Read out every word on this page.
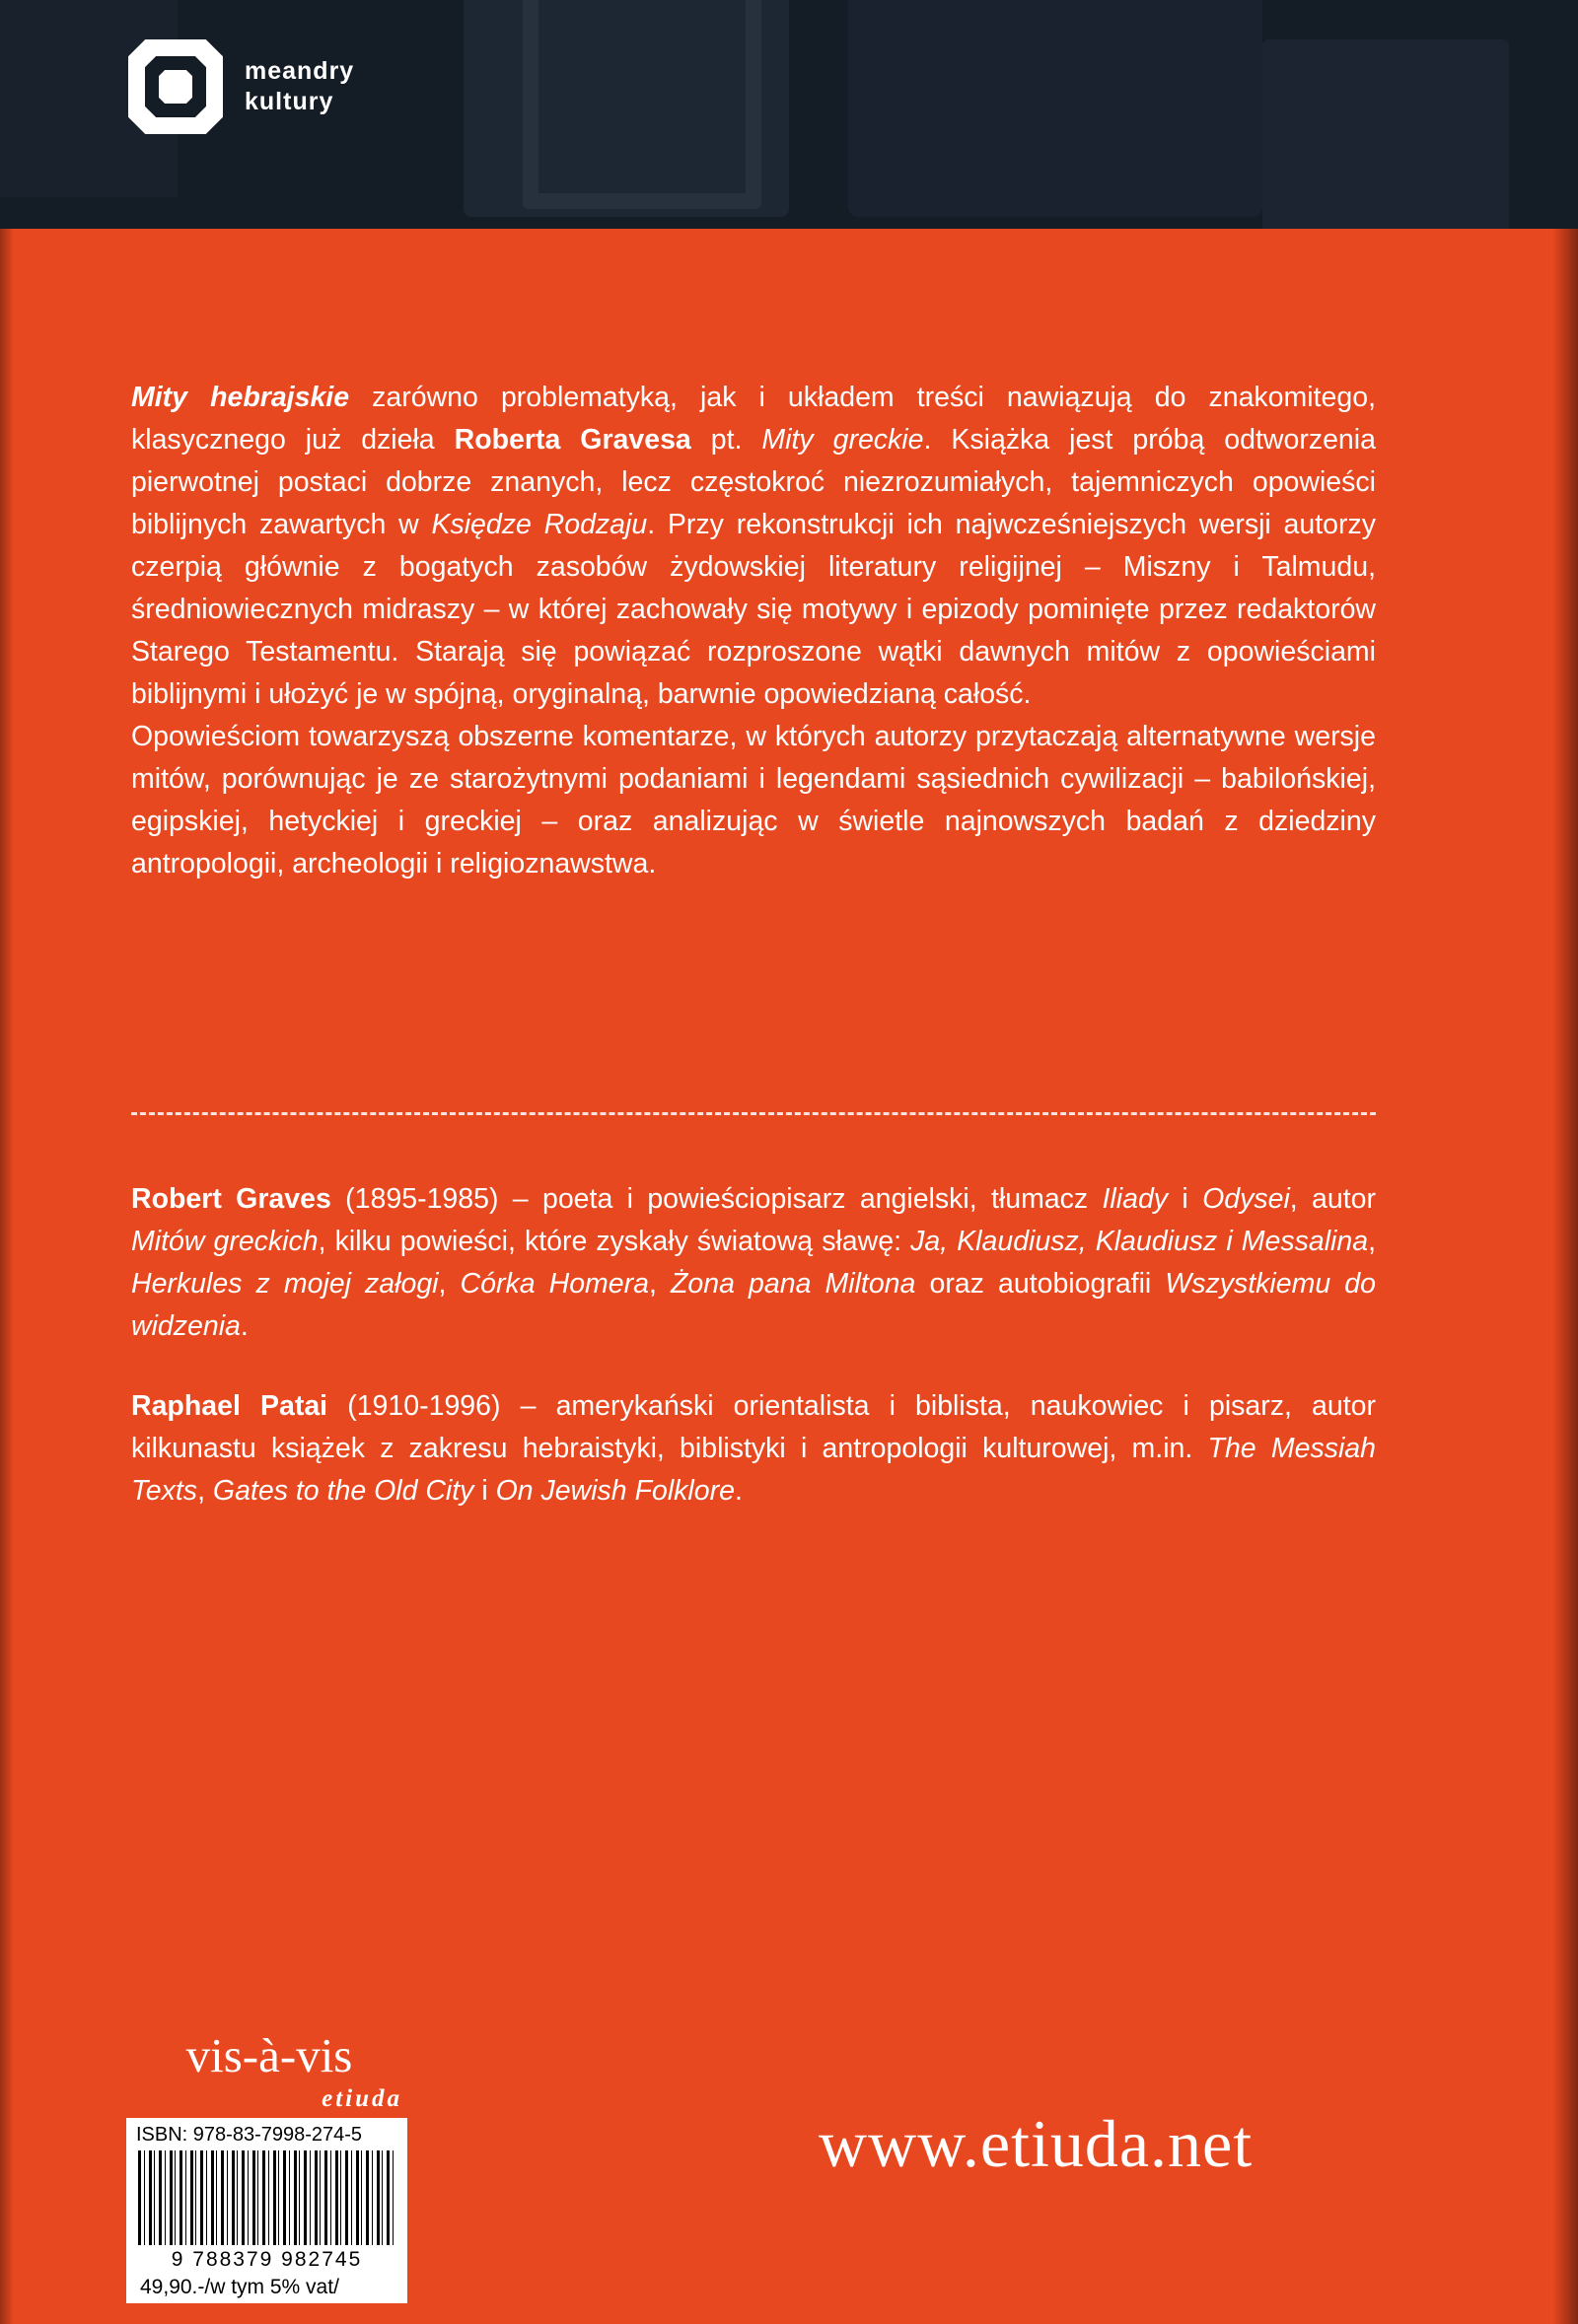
meandry
kultury

Mity hebrajskie zarówno problematyką, jak i układem treści nawiązują do znakomitego, klasycznego już dzieła Roberta Gravesa pt. Mity greckie. Książka jest próbą odtworzenia pierwotnej postaci dobrze znanych, lecz częstokroć niezrozumiałych, tajemniczych opowieści biblijnych zawartych w Księdze Rodzaju. Przy rekonstrukcji ich najwcześniejszych wersji autorzy czerpią głównie z bogatych zasobów żydowskiej literatury religijnej – Miszny i Talmudu, średniowiecznych midraszy – w której zachowały się motywy i epizody pominięte przez redaktorów Starego Testamentu. Starają się powiązać rozproszone wątki dawnych mitów z opowieściami biblijnymi i ułożyć je w spójną, oryginalną, barwnie opowiedzianą całość.

Opowieściom towarzyszą obszerne komentarze, w których autorzy przytaczają alternatywne wersje mitów, porównując je ze starożytnymi podaniami i legendami sąsiednich cywilizacji – babilońskiej, egipskiej, hetyckiej i greckiej – oraz analizując w świetle najnowszych badań z dziedziny antropologii, archeologii i religioznawstwa.

Robert Graves (1895-1985) – poeta i powieściopisarz angielski, tłumacz Iliady i Odysei, autor Mitów greckich, kilku powieści, które zyskały światową sławę: Ja, Klaudiusz, Klaudiusz i Messalina, Herkules z mojej załogi, Córka Homera, Żona pana Miltona oraz autobiografii Wszystkiemu do widzenia.

Raphael Patai (1910-1996) – amerykański orientalista i biblista, naukowiec i pisarz, autor kilkunastu książek z zakresu hebraistyki, biblistyki i antropologii kulturowej, m.in. The Messiah Texts, Gates to the Old City i On Jewish Folklore.

vis-à-vis
etiuda
ISBN: 978-83-7998-274-5
9 788379 982745
49,90.-/w tym 5% vat/
www.etiuda.net
